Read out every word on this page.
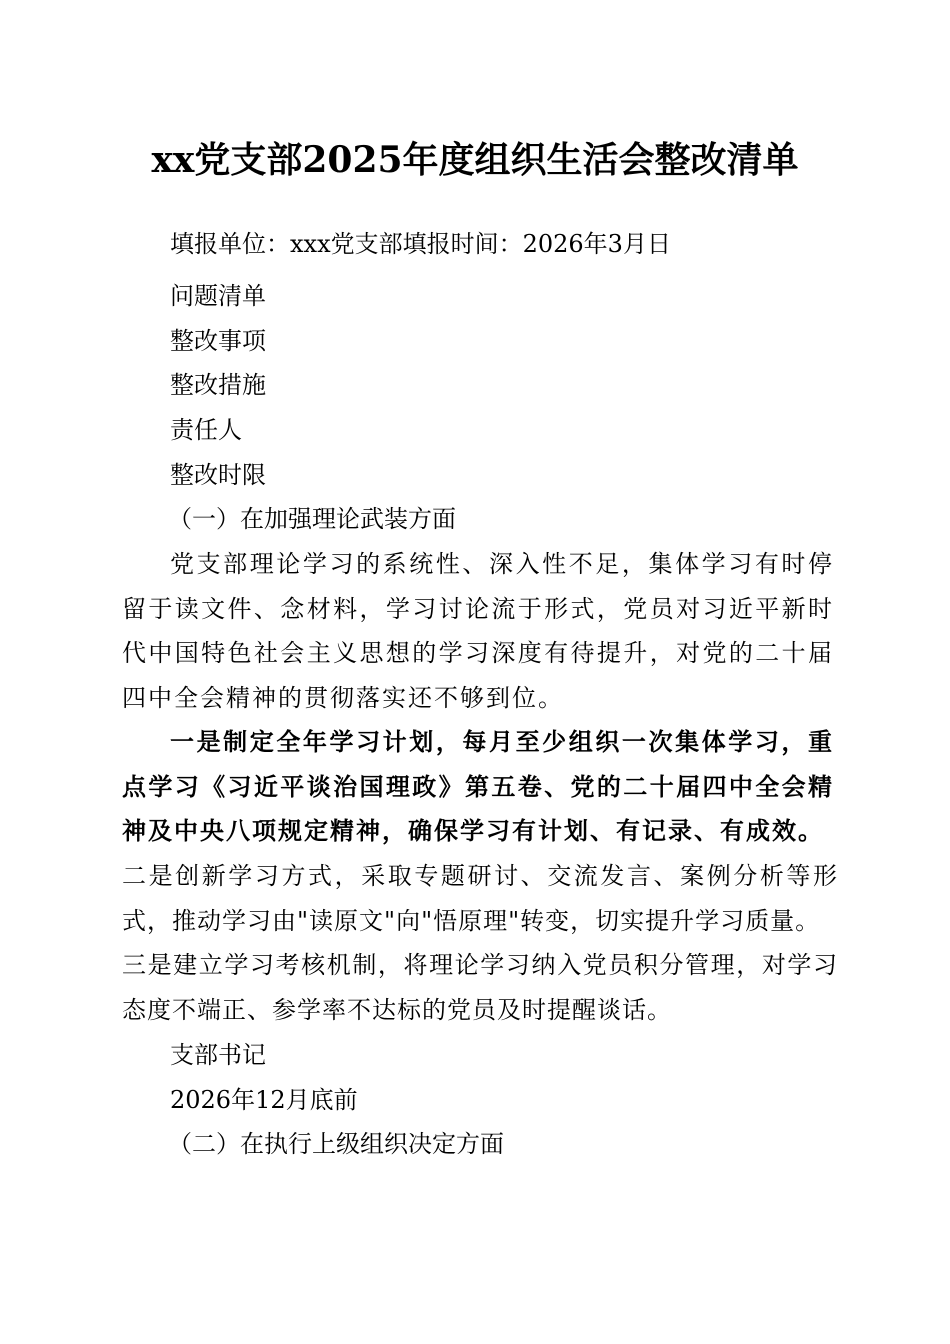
xx党支部2025年度组织生活会整改清单
填报单位：xxx党支部填报时间：2026年3月日
问题清单
整改事项
整改措施
责任人
整改时限
（一）在加强理论武装方面
党支部理论学习的系统性、深入性不足，集体学习有时停留于读文件、念材料，学习讨论流于形式，党员对习近平新时代中国特色社会主义思想的学习深度有待提升，对党的二十届四中全会精神的贯彻落实还不够到位。
一是制定全年学习计划，每月至少组织一次集体学习，重点学习《习近平谈治国理政》第五卷、党的二十届四中全会精神及中央八项规定精神，确保学习有计划、有记录、有成效。
二是创新学习方式，采取专题研讨、交流发言、案例分析等形式，推动学习由"读原文"向"悟原理"转变，切实提升学习质量。
三是建立学习考核机制，将理论学习纳入党员积分管理，对学习态度不端正、参学率不达标的党员及时提醒谈话。
支部书记
2026年12月底前
（二）在执行上级组织决定方面
